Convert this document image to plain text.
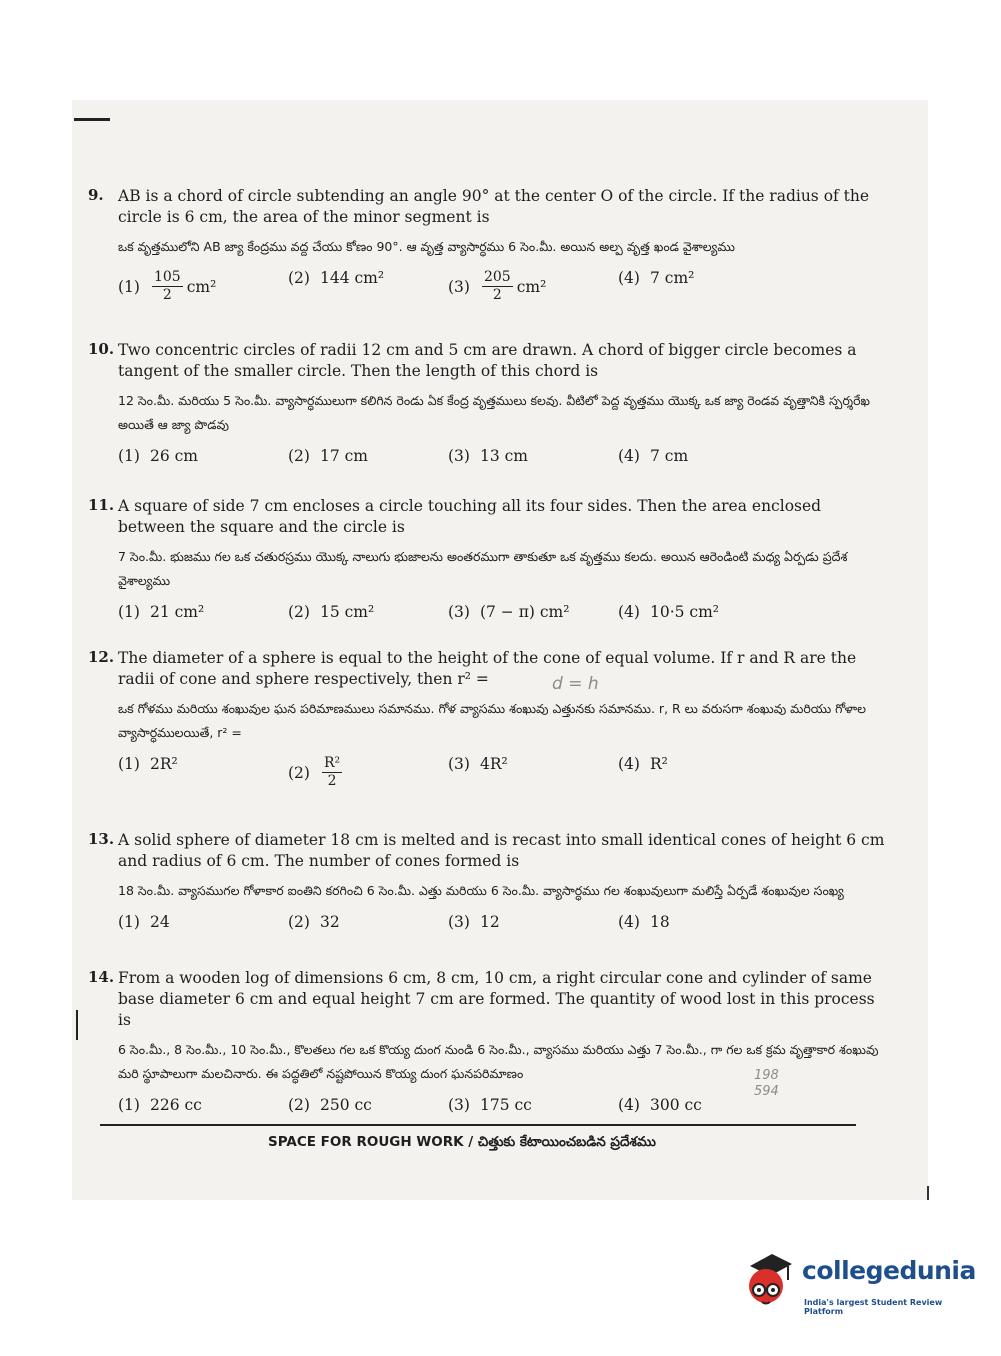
9. AB is a chord of circle subtending an angle 90° at the center O of the circle. If the radius of the circle is 6 cm, the area of the minor segment is
ఒక వృత్తములోని AB జ్యా కేంద్రము వద్ద చేయు కోణం 90°. ఆ వృత్త వ్యాసార్ధము 6 సెం.మీ. అయిన అల్ప వృత్త ఖండ వైశాల్యము
$(1) \frac{105}{2} cm^2$	(2) 144 cm²	$(3) \frac{205}{2} cm^2$	(4) 7 cm²
10. Two concentric circles of radii 12 cm and 5 cm are drawn. A chord of bigger circle becomes a tangent of the smaller circle. Then the length of this chord is
12 సెం.మీ. మరియు 5 సెం.మీ. వ్యాసార్ధములుగా కలిగిన రెండు ఏక కేంద్ర వృత్తములు కలవు. వీటిలో పెద్ద వృత్తము యొక్క ఒక జ్యా రెండవ వృత్తానికి స్పర్శరేఖ అయితే ఆ జ్యా పొడవు
(1) 26 cm	(2) 17 cm	(3) 13 cm	(4) 7 cm
11. A square of side 7 cm encloses a circle touching all its four sides. Then the area enclosed between the square and the circle is
7 సెం.మీ. భుజము గల ఒక చతురస్రము యొక్క నాలుగు భుజాలను అంతరముగా తాకుతూ ఒక వృత్తము కలదు. అయిన ఆరెండింటి మధ్య ఏర్పడు ప్రదేశ వైశాల్యము
(1) 21 cm²	(2) 15 cm²	(3) (7 − π) cm²	(4) 10·5 cm²
12. The diameter of a sphere is equal to the height of the cone of equal volume. If r and R are the radii of cone and sphere respectively, then r² =
ఒక గోళము మరియు శంఖువుల ఘన పరిమాణములు సమానము. గోళ వ్యాసము శంఖువు ఎత్తునకు సమానము. r, R లు వరుసగా శంఖువు మరియు గోళాల వ్యాసార్ధములయితే, r² =
(1) 2R²	$(2) \frac{\text{R²}}{2}$	(3) 4R²	(4) R²
13. A solid sphere of diameter 18 cm is melted and is recast into small identical cones of height 6 cm and radius of 6 cm. The number of cones formed is
18 సెం.మీ. వ్యాసముగల గోళాకార ఐంతిని కరగించి 6 సెం.మీ. ఎత్తు మరియు 6 సెం.మీ. వ్యాసార్ధము గల శంఖువులుగా మలిస్తే ఏర్పడే శంఖువుల సంఖ్య
(1) 24	(2) 32	(3) 12	(4) 18
14. From a wooden log of dimensions 6 cm, 8 cm, 10 cm, a right circular cone and cylinder of same base diameter 6 cm and equal height 7 cm are formed. The quantity of wood lost in this process is
6 సెం.మీ., 8 సెం.మీ., 10 సెం.మీ., కొలతలు గల ఒక కొయ్య దుంగ నుండి 6 సెం.మీ., వ్యాసము మరియు ఎత్తు 7 సెం.మీ., గా గల ఒక క్రమ వృత్తాకార శంఖువు మరి స్థూపాలుగా మలచినారు. ఈ పద్ధతిలో నష్టపోయిన కొయ్య దుంగ ఘనపరిమాణం
(1) 226 cc	(2) 250 cc	(3) 175 cc	(4) 300 cc
d = h
198 594
SPACE FOR ROUGH WORK / చిత్తుకు కేటాయించబడిన ప్రదేశము
collegedunia
India's largest Student Review Platform
